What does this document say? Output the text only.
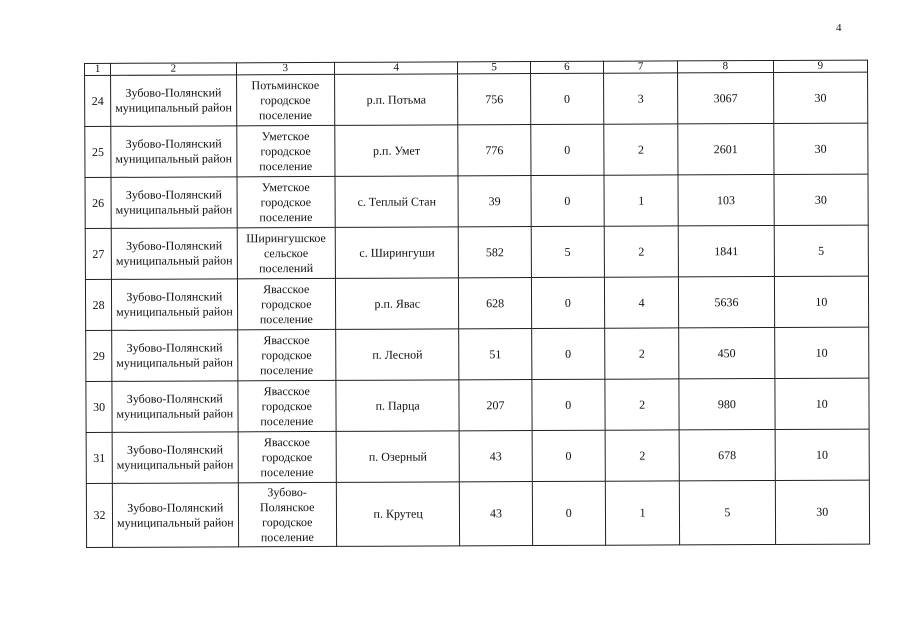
4
1	2	3	4	5	6	7	8	9
24	Зубово-Полянский муниципальный район	Потьминское городское поселение	р.п. Потьма	756	0	3	3067	30
25	Зубово-Полянский муниципальный район	Уметское городское поселение	р.п. Умет	776	0	2	2601	30
26	Зубово-Полянский муниципальный район	Уметское городское поселение	с. Теплый Стан	39	0	1	103	30
27	Зубово-Полянский муниципальный район	Ширингушское сельское поселений	с. Ширингуши	582	5	2	1841	5
28	Зубово-Полянский муниципальный район	Явасское городское поселение	р.п. Явас	628	0	4	5636	10
29	Зубово-Полянский муниципальный район	Явасское городское поселение	п. Лесной	51	0	2	450	10
30	Зубово-Полянский муниципальный район	Явасское городское поселение	п. Парца	207	0	2	980	10
31	Зубово-Полянский муниципальный район	Явасское городское поселение	п. Озерный	43	0	2	678	10
32	Зубово-Полянский муниципальный район	Зубово-Полянское городское поселение	п. Крутец	43	0	1	5	30
